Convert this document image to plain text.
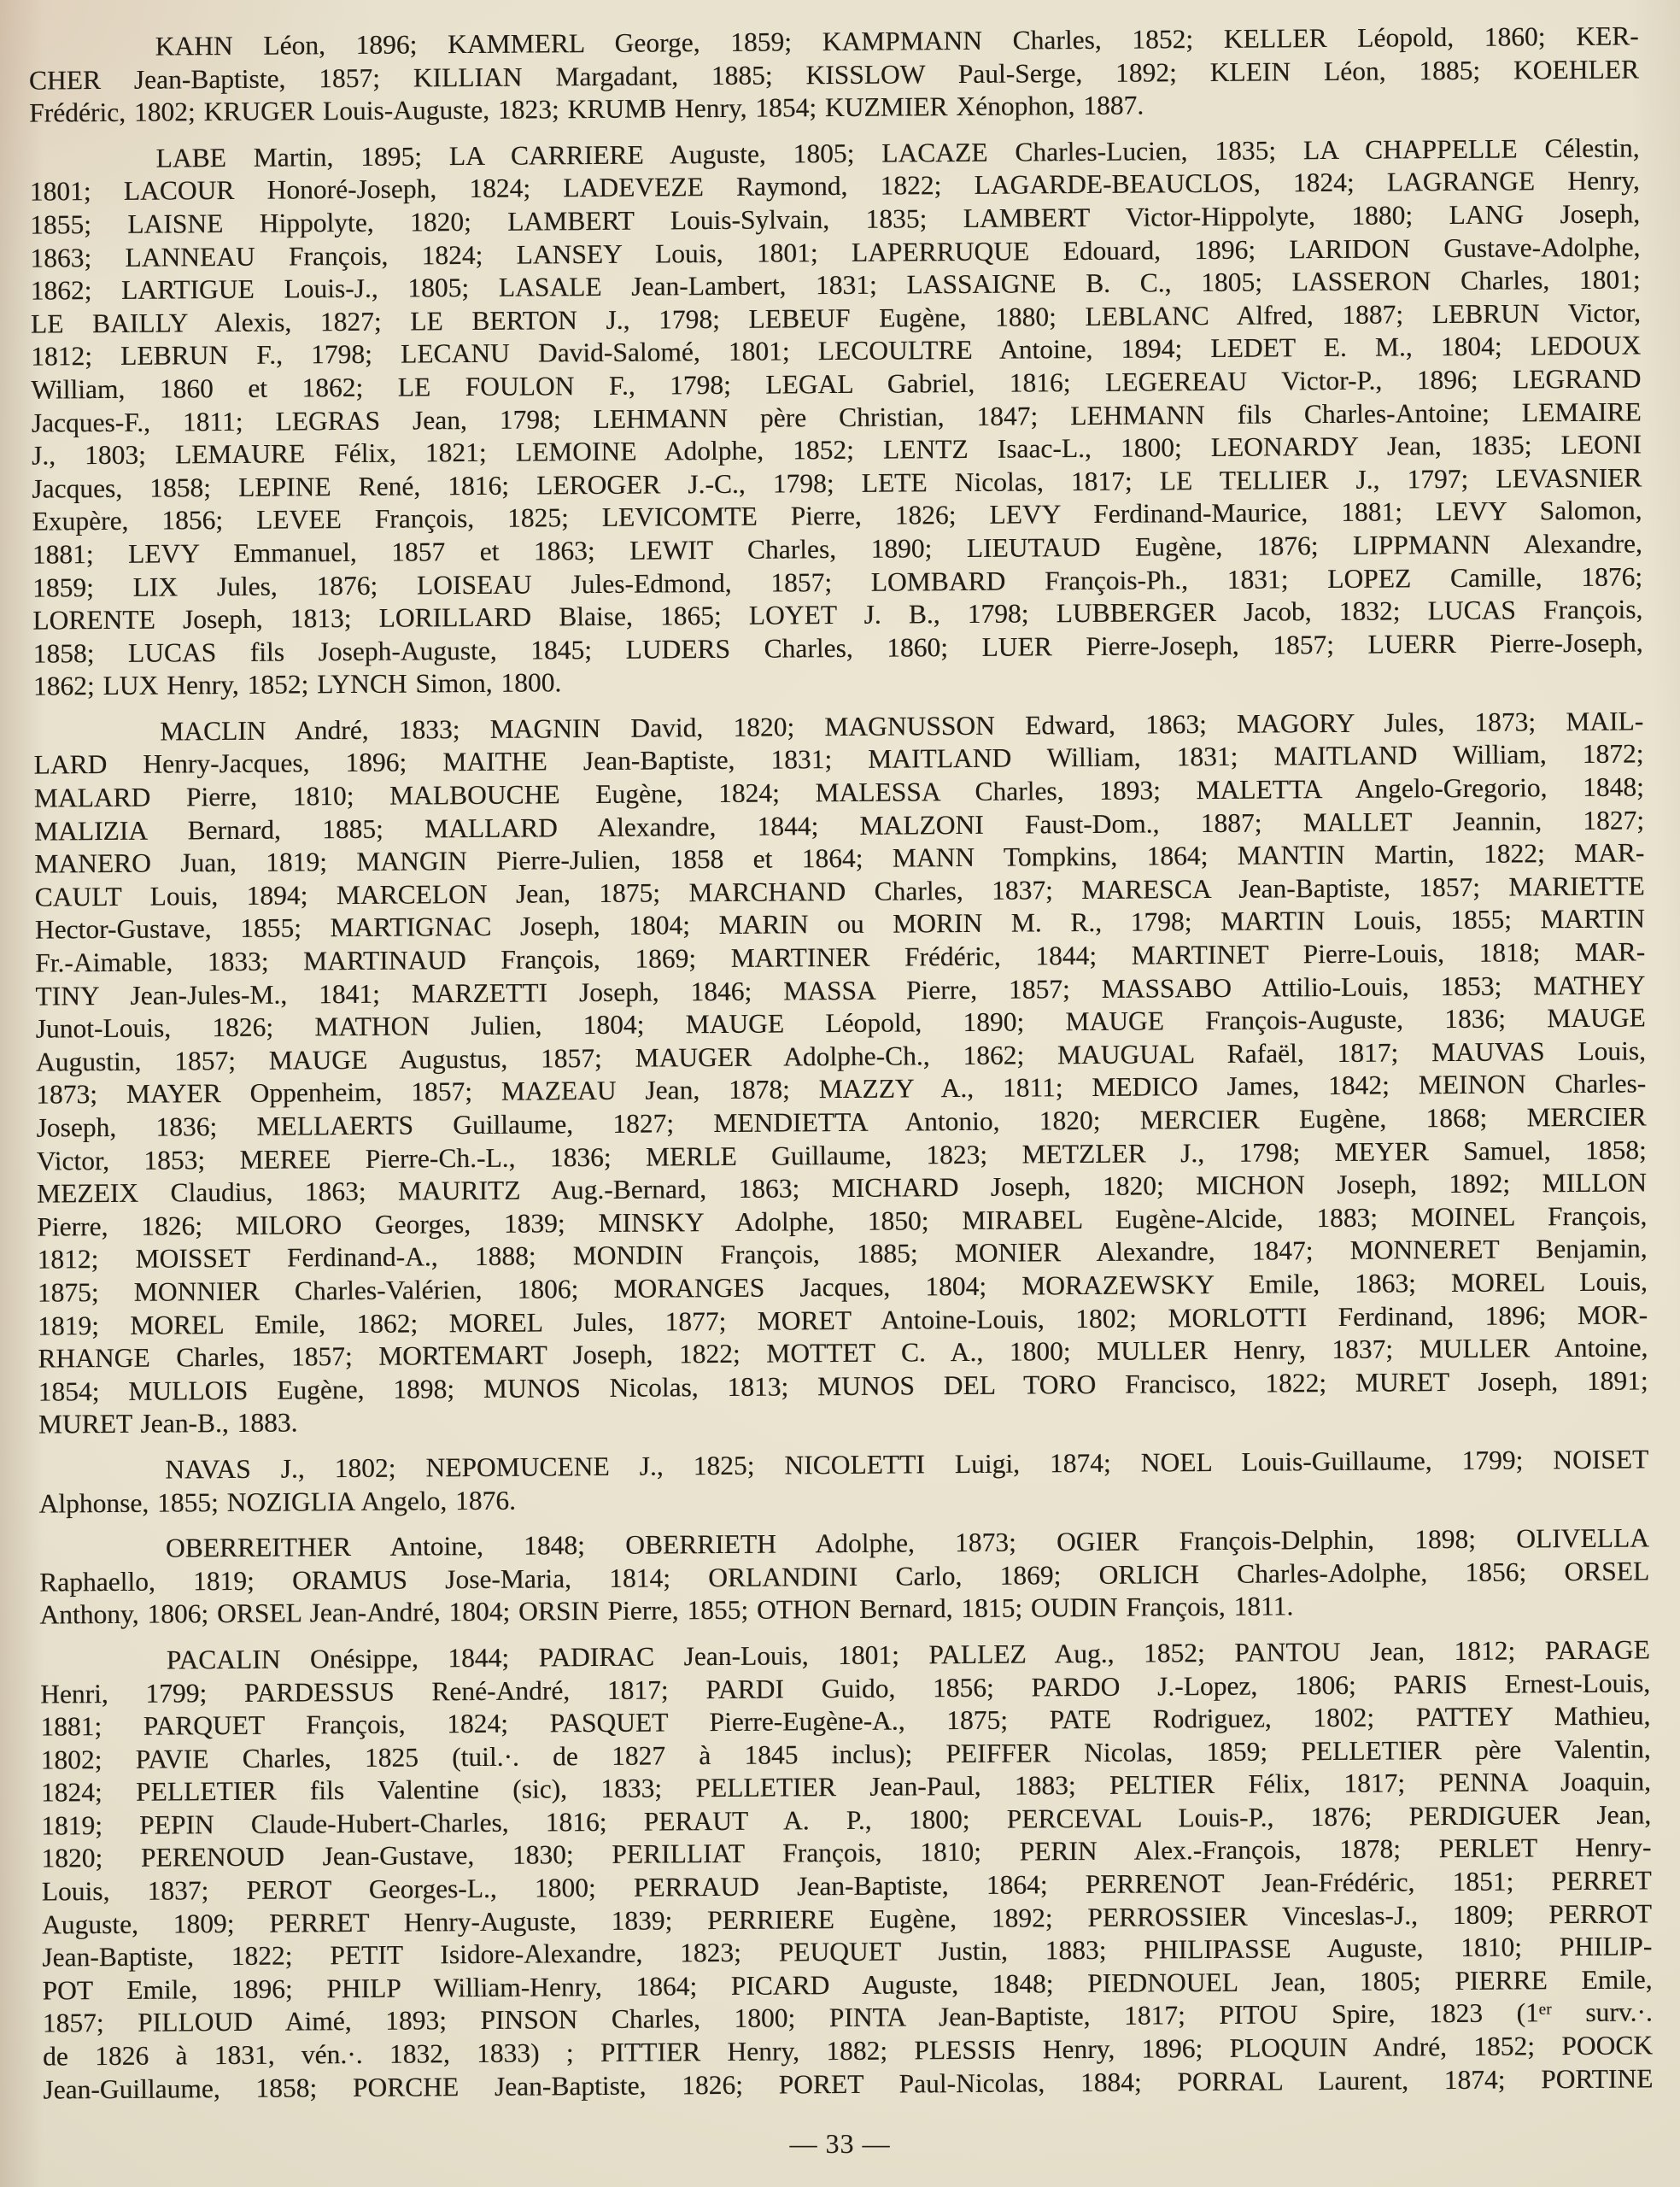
KAHN Léon, 1896; KAMMERL George, 1859; KAMPMANN Charles, 1852; KELLER Léopold, 1860; KER-
CHER Jean-Baptiste, 1857; KILLIAN Margadant, 1885; KISSLOW Paul-Serge, 1892; KLEIN Léon, 1885; KOEHLER
Frédéric, 1802; KRUGER Louis-Auguste, 1823; KRUMB Henry, 1854; KUZMIER Xénophon, 1887.
LABE Martin, 1895; LA CARRIERE Auguste, 1805; LACAZE Charles-Lucien, 1835; LA CHAPPELLE Célestin,
1801; LACOUR Honoré-Joseph, 1824; LADEVEZE Raymond, 1822; LAGARDE-BEAUCLOS, 1824; LAGRANGE Henry,
1855; LAISNE Hippolyte, 1820; LAMBERT Louis-Sylvain, 1835; LAMBERT Victor-Hippolyte, 1880; LANG Joseph,
1863; LANNEAU François, 1824; LANSEY Louis, 1801; LAPERRUQUE Edouard, 1896; LARIDON Gustave-Adolphe,
1862; LARTIGUE Louis-J., 1805; LASALE Jean-Lambert, 1831; LASSAIGNE B. C., 1805; LASSERON Charles, 1801;
LE BAILLY Alexis, 1827; LE BERTON J., 1798; LEBEUF Eugène, 1880; LEBLANC Alfred, 1887; LEBRUN Victor,
1812; LEBRUN F., 1798; LECANU David-Salomé, 1801; LECOULTRE Antoine, 1894; LEDET E. M., 1804; LEDOUX
William, 1860 et 1862; LE FOULON F., 1798; LEGAL Gabriel, 1816; LEGEREAU Victor-P., 1896; LEGRAND
Jacques-F., 1811; LEGRAS Jean, 1798; LEHMANN père Christian, 1847; LEHMANN fils Charles-Antoine; LEMAIRE
J., 1803; LEMAURE Félix, 1821; LEMOINE Adolphe, 1852; LENTZ Isaac-L., 1800; LEONARDY Jean, 1835; LEONI
Jacques, 1858; LEPINE René, 1816; LEROGER J.-C., 1798; LETE Nicolas, 1817; LE TELLIER J., 1797; LEVASNIER
Exupère, 1856; LEVEE François, 1825; LEVICOMTE Pierre, 1826; LEVY Ferdinand-Maurice, 1881; LEVY Salomon,
1881; LEVY Emmanuel, 1857 et 1863; LEWIT Charles, 1890; LIEUTAUD Eugène, 1876; LIPPMANN Alexandre,
1859; LIX Jules, 1876; LOISEAU Jules-Edmond, 1857; LOMBARD François-Ph., 1831; LOPEZ Camille, 1876;
LORENTE Joseph, 1813; LORILLARD Blaise, 1865; LOYET J. B., 1798; LUBBERGER Jacob, 1832; LUCAS François,
1858; LUCAS fils Joseph-Auguste, 1845; LUDERS Charles, 1860; LUER Pierre-Joseph, 1857; LUERR Pierre-Joseph,
1862; LUX Henry, 1852; LYNCH Simon, 1800.
MACLIN André, 1833; MAGNIN David, 1820; MAGNUSSON Edward, 1863; MAGORY Jules, 1873; MAIL-
LARD Henry-Jacques, 1896; MAITHE Jean-Baptiste, 1831; MAITLAND William, 1831; MAITLAND William, 1872;
MALARD Pierre, 1810; MALBOUCHE Eugène, 1824; MALESSA Charles, 1893; MALETTA Angelo-Gregorio, 1848;
MALIZIA Bernard, 1885; MALLARD Alexandre, 1844; MALZONI Faust-Dom., 1887; MALLET Jeannin, 1827;
MANERO Juan, 1819; MANGIN Pierre-Julien, 1858 et 1864; MANN Tompkins, 1864; MANTIN Martin, 1822; MAR-
CAULT Louis, 1894; MARCELON Jean, 1875; MARCHAND Charles, 1837; MARESCA Jean-Baptiste, 1857; MARIETTE
Hector-Gustave, 1855; MARTIGNAC Joseph, 1804; MARIN ou MORIN M. R., 1798; MARTIN Louis, 1855; MARTIN
Fr.-Aimable, 1833; MARTINAUD François, 1869; MARTINER Frédéric, 1844; MARTINET Pierre-Louis, 1818; MAR-
TINY Jean-Jules-M., 1841; MARZETTI Joseph, 1846; MASSA Pierre, 1857; MASSABO Attilio-Louis, 1853; MATHEY
Junot-Louis, 1826; MATHON Julien, 1804; MAUGE Léopold, 1890; MAUGE François-Auguste, 1836; MAUGE
Augustin, 1857; MAUGE Augustus, 1857; MAUGER Adolphe-Ch., 1862; MAUGUAL Rafaël, 1817; MAUVAS Louis,
1873; MAYER Oppenheim, 1857; MAZEAU Jean, 1878; MAZZY A., 1811; MEDICO James, 1842; MEINON Charles-
Joseph, 1836; MELLAERTS Guillaume, 1827; MENDIETTA Antonio, 1820; MERCIER Eugène, 1868; MERCIER
Victor, 1853; MEREE Pierre-Ch.-L., 1836; MERLE Guillaume, 1823; METZLER J., 1798; MEYER Samuel, 1858;
MEZEIX Claudius, 1863; MAURITZ Aug.-Bernard, 1863; MICHARD Joseph, 1820; MICHON Joseph, 1892; MILLON
Pierre, 1826; MILORO Georges, 1839; MINSKY Adolphe, 1850; MIRABEL Eugène-Alcide, 1883; MOINEL François,
1812; MOISSET Ferdinand-A., 1888; MONDIN François, 1885; MONIER Alexandre, 1847; MONNERET Benjamin,
1875; MONNIER Charles-Valérien, 1806; MORANGES Jacques, 1804; MORAZEWSKY Emile, 1863; MOREL Louis,
1819; MOREL Emile, 1862; MOREL Jules, 1877; MORET Antoine-Louis, 1802; MORLOTTI Ferdinand, 1896; MOR-
RHANGE Charles, 1857; MORTEMART Joseph, 1822; MOTTET C. A., 1800; MULLER Henry, 1837; MULLER Antoine,
1854; MULLOIS Eugène, 1898; MUNOS Nicolas, 1813; MUNOS DEL TORO Francisco, 1822; MURET Joseph, 1891;
MURET Jean-B., 1883.
NAVAS J., 1802; NEPOMUCENE J., 1825; NICOLETTI Luigi, 1874; NOEL Louis-Guillaume, 1799; NOISET
Alphonse, 1855; NOZIGLIA Angelo, 1876.
OBERREITHER Antoine, 1848; OBERRIETH Adolphe, 1873; OGIER François-Delphin, 1898; OLIVELLA
Raphaello, 1819; ORAMUS Jose-Maria, 1814; ORLANDINI Carlo, 1869; ORLICH Charles-Adolphe, 1856; ORSEL
Anthony, 1806; ORSEL Jean-André, 1804; ORSIN Pierre, 1855; OTHON Bernard, 1815; OUDIN François, 1811.
PACALIN Onésippe, 1844; PADIRAC Jean-Louis, 1801; PALLEZ Aug., 1852; PANTOU Jean, 1812; PARAGE
Henri, 1799; PARDESSUS René-André, 1817; PARDI Guido, 1856; PARDO J.-Lopez, 1806; PARIS Ernest-Louis,
1881; PARQUET François, 1824; PASQUET Pierre-Eugène-A., 1875; PATE Rodriguez, 1802; PATTEY Mathieu,
1802; PAVIE Charles, 1825 (tuil.·. de 1827 à 1845 inclus); PEIFFER Nicolas, 1859; PELLETIER père Valentin,
1824; PELLETIER fils Valentine (sic), 1833; PELLETIER Jean-Paul, 1883; PELTIER Félix, 1817; PENNA Joaquin,
1819; PEPIN Claude-Hubert-Charles, 1816; PERAUT A. P., 1800; PERCEVAL Louis-P., 1876; PERDIGUER Jean,
1820; PERENOUD Jean-Gustave, 1830; PERILLIAT François, 1810; PERIN Alex.-François, 1878; PERLET Henry-
Louis, 1837; PEROT Georges-L., 1800; PERRAUD Jean-Baptiste, 1864; PERRENOT Jean-Frédéric, 1851; PERRET
Auguste, 1809; PERRET Henry-Auguste, 1839; PERRIERE Eugène, 1892; PERROSSIER Vinceslas-J., 1809; PERROT
Jean-Baptiste, 1822; PETIT Isidore-Alexandre, 1823; PEUQUET Justin, 1883; PHILIPASSE Auguste, 1810; PHILIP-
POT Emile, 1896; PHILP William-Henry, 1864; PICARD Auguste, 1848; PIEDNOUEL Jean, 1805; PIERRE Emile,
1857; PILLOUD Aimé, 1893; PINSON Charles, 1800; PINTA Jean-Baptiste, 1817; PITOU Spire, 1823 (1ᵉʳ surv.·.
de 1826 à 1831, vén.·. 1832, 1833) ; PITTIER Henry, 1882; PLESSIS Henry, 1896; PLOQUIN André, 1852; POOCK
Jean-Guillaume, 1858; PORCHE Jean-Baptiste, 1826; PORET Paul-Nicolas, 1884; PORRAL Laurent, 1874; PORTINE
— 33 —
